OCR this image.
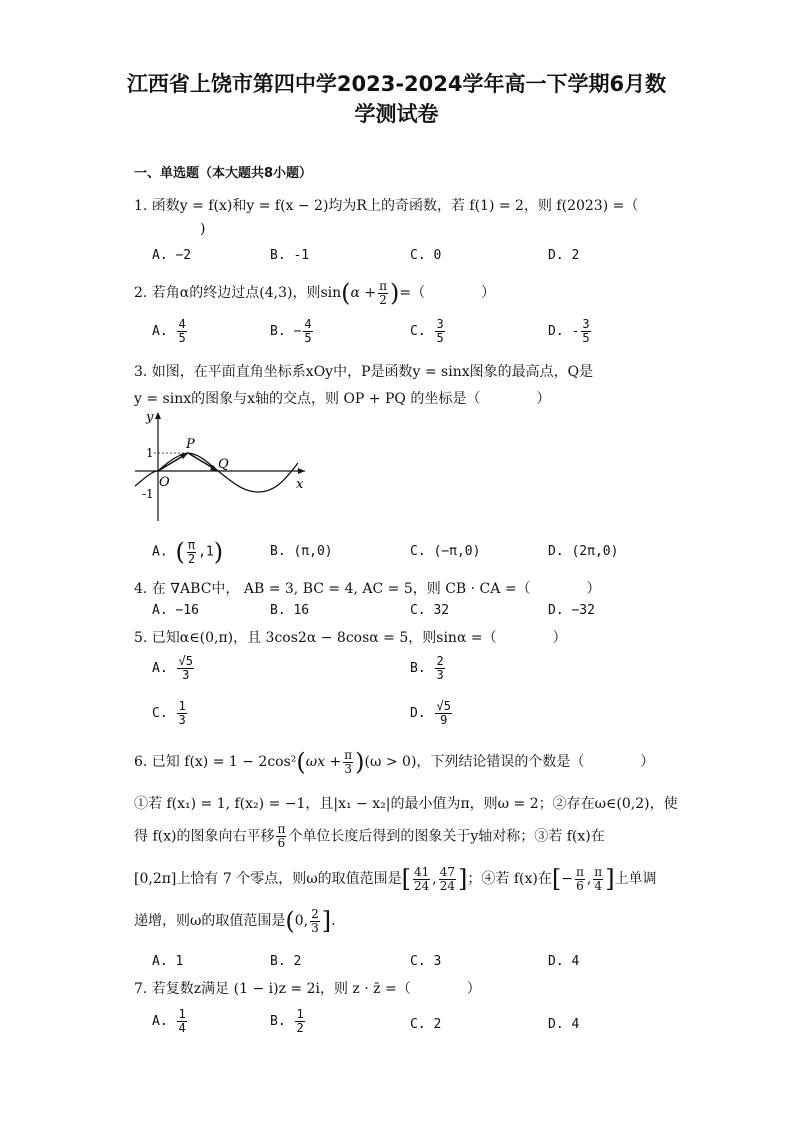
江西省上饶市第四中学2023-2024学年高一下学期6月数
学测试卷
一、单选题（本大题共8小题）
1. 函数y = f(x)和y = f(x − 2)均为R上的奇函数，若 f(1) = 2，则 f(2023) =（
)
A. −2	B. -1	C. 0	D. 2
2. 若角α的终边过点(4,3)，则$\sin(\alpha + \frac{\pi}{2}$ )=（　　　　）
A. $\frac{4}{5}$	B. − $\frac{4}{5}$	C. $\frac{3}{5}$	D. - $\frac{3}{5}$
3. 如图，在平面直角坐标系xOy中，P是函数y = sinx图象的最高点，Q是
y = sinx的图象与x轴的交点，则 OP + PQ 的坐标是（　　　　）
y
x
1
-1
O
P
Q
A. ( $\frac{\pi}{2} ,1$)	B. (π,0)	C. (−π,0)	D. (2π,0)
4. 在 ∇ABC中， AB = 3, BC = 4, AC = 5，则 CB · CA =（　　　　）
A. −16	B. 16	C. 32	D. −32
5. 已知α∈(0,π)，且 3cos2α − 8cosα = 5，则sinα =（　　　　）
A. $\frac{√5}{3}$	B. $\frac{2}{3}$
C. $\frac{1}{3}$	D. $\frac{√5}{9}$
6. 已知 $f(x) = 1 - 2\cos^2(\omega x + \frac{\pi}{3} )(\omega > 0)$，下列结论错误的个数是（　　　　）
①若 f(x₁) = 1, f(x₂) = −1，且|x₁ − x₂|的最小值为π，则ω = 2；②存在ω∈(0,2)，使
得 f(x)的图象向右平移 $\frac{\pi}{6}$ 个单位长度后得到的图象关于y轴对称；③若 f(x)在
[0,2π]上恰有 7 个零点，则ω的取值范围是[ $\frac{41}{24}$ , $\frac{47}{24}$ ]；④若 f(x)在[− $\frac{\pi}{6}$ , $\frac{\pi}{4}$ ]上单调
递增，则ω的取值范围是(0, $\frac{2}{3}$ ].
A. 1	B. 2	C. 3	D. 4
7. 若复数z满足 (1 − i)z = 2i，则 z · z̄ =（　　　　）
A. $\frac{1}{4}$	B. $\frac{1}{2}$	C. 2	D. 4
